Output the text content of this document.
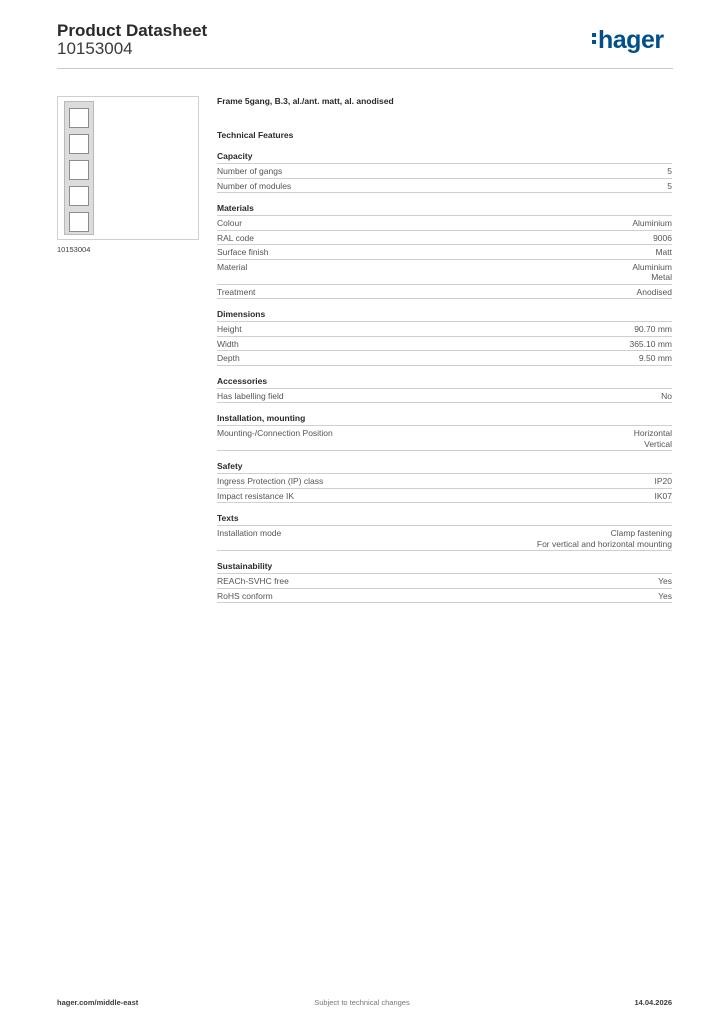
Product Datasheet
10153004	hager
10153004
Frame 5gang, B.3, al./ant. matt, al. anodised
Technical Features
Capacity
Number of gangs	5
Number of modules	5
Materials
Colour	Aluminium
RAL code	9006
Surface finish	Matt
Material	Aluminium
Metal
Treatment	Anodised
Dimensions
Height	90.70 mm
Width	365.10 mm
Depth	9.50 mm
Accessories
Has labelling field	No
Installation, mounting
Mounting-/Connection Position	Horizontal
Vertical
Safety
Ingress Protection (IP) class	IP20
Impact resistance IK	IK07
Texts
Installation mode	Clamp fastening
For vertical and horizontal mounting
Sustainability
REACh-SVHC free	Yes
RoHS conform	Yes
hager.com/middle-east	Subject to technical changes	14.04.2026
